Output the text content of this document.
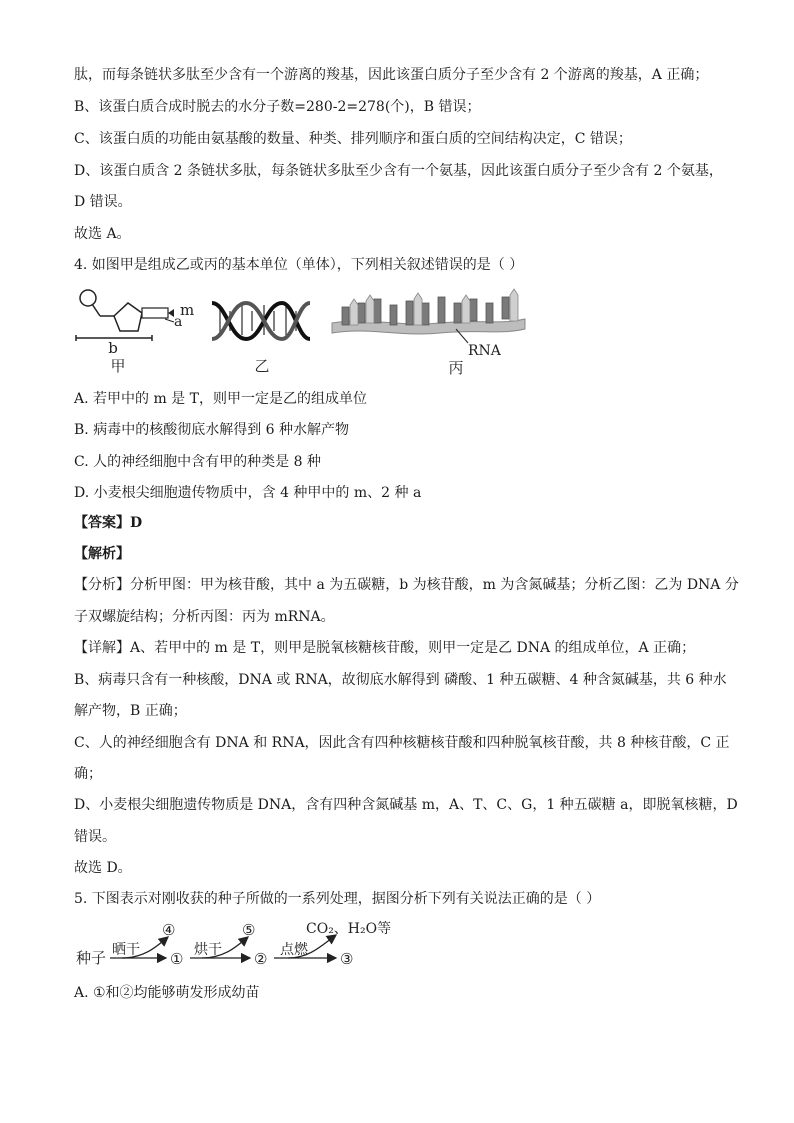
肽，而每条链状多肽至少含有一个游离的羧基，因此该蛋白质分子至少含有 2 个游离的羧基，A 正确；
B、该蛋白质合成时脱去的水分子数=280-2=278(个)，B 错误；
C、该蛋白质的功能由氨基酸的数量、种类、排列顺序和蛋白质的空间结构决定，C 错误；
D、该蛋白质含 2 条链状多肽，每条链状多肽至少含有一个氨基，因此该蛋白质分子至少含有 2 个氨基，
D 错误。
故选 A。
4. 如图甲是组成乙或丙的基本单位（单体），下列相关叙述错误的是（ ）
m
a
b
甲	乙
RNA
丙
A. 若甲中的 m 是 T，则甲一定是乙的组成单位
B. 病毒中的核酸彻底水解得到 6 种水解产物
C. 人的神经细胞中含有甲的种类是 8 种
D. 小麦根尖细胞遗传物质中，含 4 种甲中的 m、2 种 a
【答案】D
【解析】
【分析】分析甲图：甲为核苷酸，其中 a 为五碳糖，b 为核苷酸，m 为含氮碱基；分析乙图：乙为 DNA 分
子双螺旋结构；分析丙图：丙为 mRNA。
【详解】A、若甲中的 m 是 T，则甲是脱氧核糖核苷酸，则甲一定是乙 DNA 的组成单位，A 正确；
B、病毒只含有一种核酸，DNA 或 RNA，故彻底水解得到 磷酸、1 种五碳糖、4 种含氮碱基，共 6 种水
解产物，B 正确；
C、人的神经细胞含有 DNA 和 RNA，因此含有四种核糖核苷酸和四种脱氧核苷酸，共 8 种核苷酸，C 正
确；
D、小麦根尖细胞遗传物质是 DNA，含有四种含氮碱基 m，A、T、C、G，1 种五碳糖 a，即脱氧核糖，D
错误。
故选 D。
5. 下图表示对刚收获的种子所做的一系列处理，据图分析下列有关说法正确的是（ ）
种子 晒干
④
① 烘干
⑤
② 点燃
CO₂、H₂O等
③
A. ①和②均能够萌发形成幼苗
